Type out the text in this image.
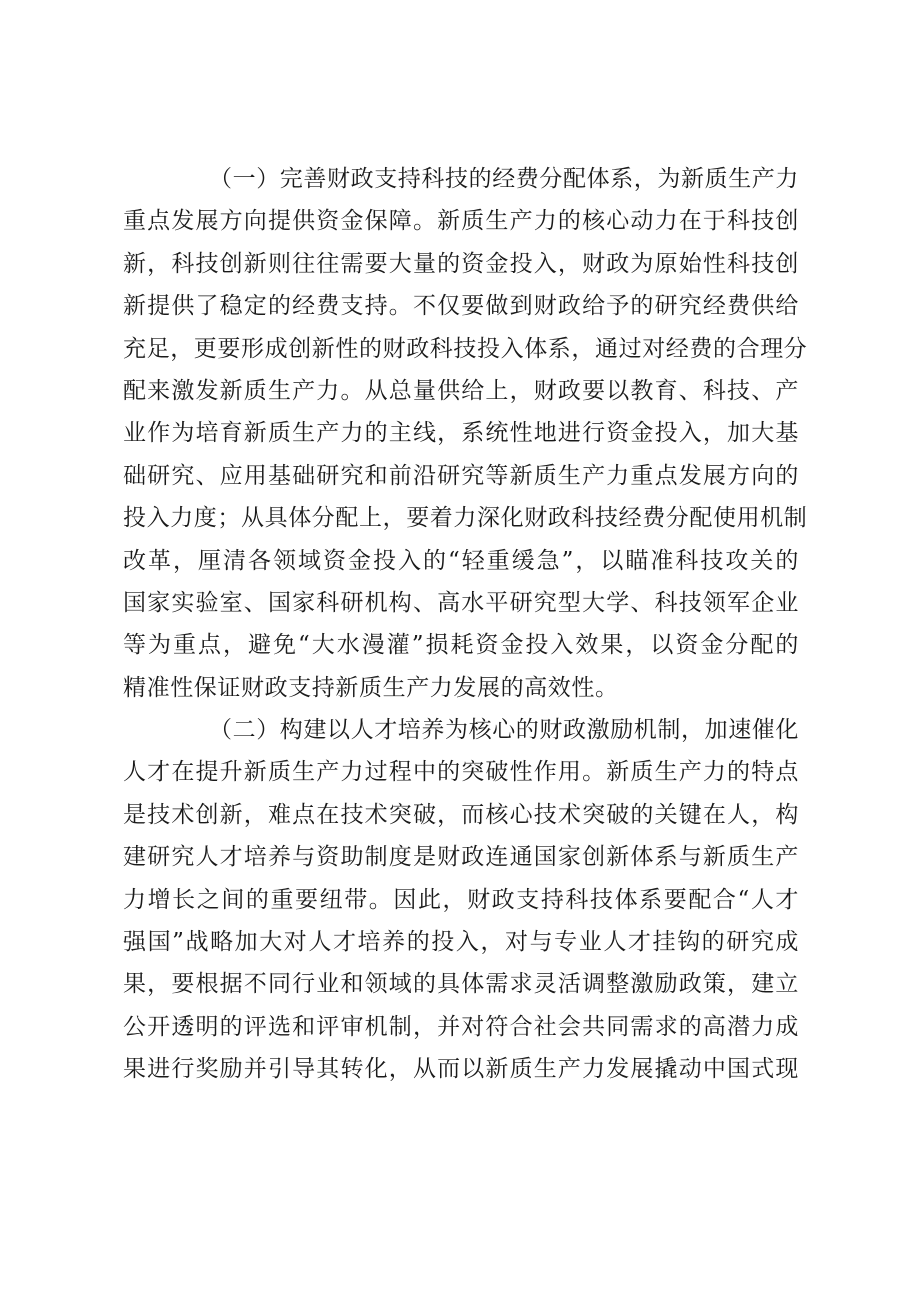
（一）完善财政支持科技的经费分配体系，为新质生产力
重点发展方向提供资金保障。新质生产力的核心动力在于科技创
新，科技创新则往往需要大量的资金投入，财政为原始性科技创
新提供了稳定的经费支持。不仅要做到财政给予的研究经费供给
充足，更要形成创新性的财政科技投入体系，通过对经费的合理分
配来激发新质生产力。从总量供给上，财政要以教育、科技、产
业作为培育新质生产力的主线，系统性地进行资金投入，加大基
础研究、应用基础研究和前沿研究等新质生产力重点发展方向的
投入力度；从具体分配上，要着力深化财政科技经费分配使用机制
改革，厘清各领域资金投入的“轻重缓急”，以瞄准科技攻关的
国家实验室、国家科研机构、高水平研究型大学、科技领军企业
等为重点，避免“大水漫灌”损耗资金投入效果，以资金分配的
精准性保证财政支持新质生产力发展的高效性。
（二）构建以人才培养为核心的财政激励机制，加速催化
人才在提升新质生产力过程中的突破性作用。新质生产力的特点
是技术创新，难点在技术突破，而核心技术突破的关键在人，构
建研究人才培养与资助制度是财政连通国家创新体系与新质生产
力增长之间的重要纽带。因此，财政支持科技体系要配合“人才
强国”战略加大对人才培养的投入，对与专业人才挂钩的研究成
果，要根据不同行业和领域的具体需求灵活调整激励政策，建立
公开透明的评选和评审机制，并对符合社会共同需求的高潜力成
果进行奖励并引导其转化，从而以新质生产力发展撬动中国式现
